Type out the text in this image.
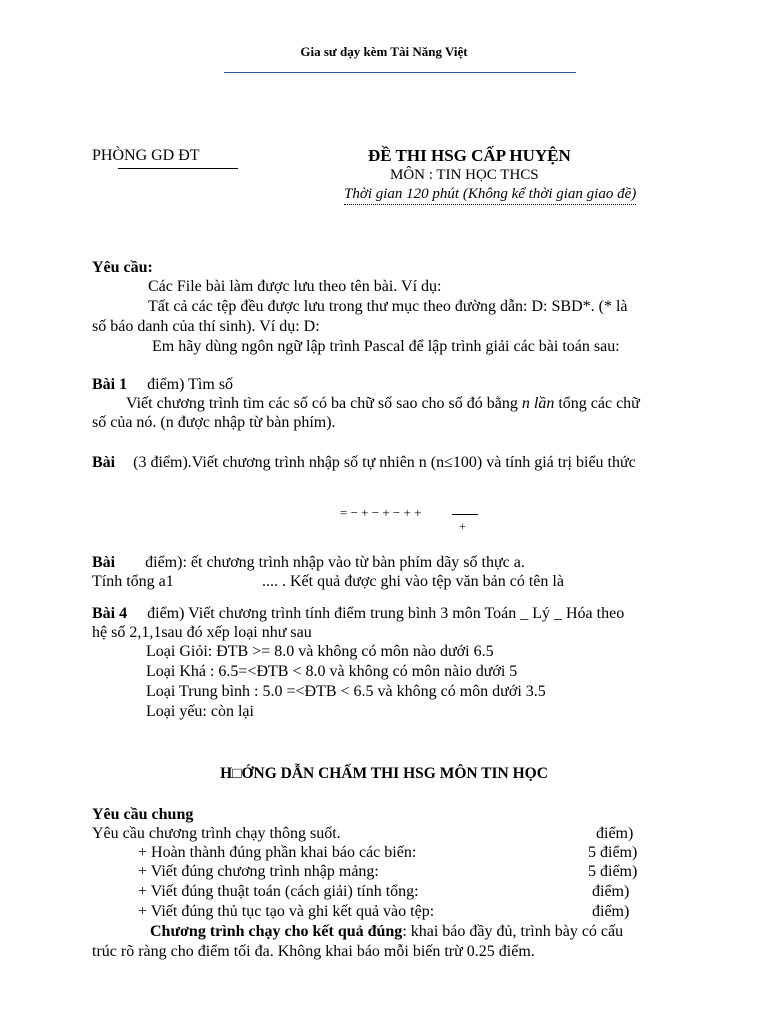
Gia sư dạy kèm Tài Năng Việt
PHÒNG GD ĐT	ĐỀ THI HSG CẤP HUYỆN
MÔN : TIN HỌC THCS
Thời gian 120 phút (Không kể thời gian giao đề)
Yêu cầu:
Các File bài làm được lưu theo tên bài. Ví dụ:
Tất cả các tệp đều được lưu trong thư mục theo đường dẫn: D: SBD*. (* là
số báo danh của thí sinh). Ví dụ: D:
Em hãy dùng ngôn ngữ lập trình Pascal để lập trình giải các bài toán sau:
Bài 1 điểm) Tìm số
Viết chương trình tìm các số có ba chữ số sao cho số đó bằng n lần tổng các chữ
số của nó. (n được nhập từ bàn phím).
Bài (3 điểm).Viết chương trình nhập số tự nhiên n (n≤100) và tính giá trị biểu thức
= − + − + − + +
+
Bài điểm): ết chương trình nhập vào từ bàn phím dãy số thực a.
Tính tổng a1	.... . Kết quả được ghi vào tệp văn bản có tên là
Bài 4 điểm) Viết chương trình tính điểm trung bình 3 môn Toán _ Lý _ Hóa theo
hệ số 2,1,1sau đó xếp loại như sau
Loại Giỏi: ĐTB >= 8.0 và không có môn nào dưới 6.5
Loại Khá : 6.5=<ĐTB < 8.0 và không có môn nàio dưới 5
Loại Trung bình : 5.0 =<ĐTB < 6.5 và không có môn dưới 3.5
Loại yếu: còn lại
H□ỚNG DẪN CHẤM THI HSG MÔN TIN HỌC
Yêu cầu chung
Yêu cầu chương trình chạy thông suốt.	điểm)
+ Hoàn thành đúng phần khai báo các biến:	5 điểm)
+ Viết đúng chương trình nhập mảng:	5 điểm)
+ Viết đúng thuật toán (cách giải) tính tổng:	điểm)
+ Viết đúng thủ tục tạo và ghi kết quả vào tệp:	điểm)
Chương trình chạy cho kết quả đúng: khai báo đầy đủ, trình bày có cấu
trúc rõ ràng cho điểm tối đa. Không khai báo mỗi biến trừ 0.25 điểm.
